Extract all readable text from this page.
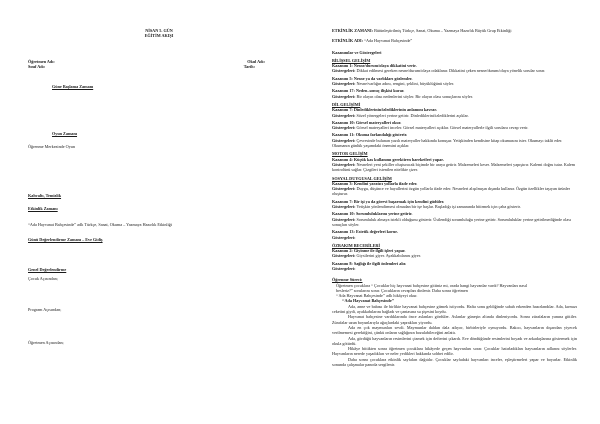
NİSAN 5. GÜN

EĞİTİM AKIŞI

Öğretmen Adı:	Okul Adı:
Sınıf Adı:	Tarih:

Güne Başlama Zamanı

Oyun Zamanı

Öğrenme Merkezinde Oyun

Kahvaltı, Temizlik

Etkinlik Zamanı

“Ada Hayvanat Bahçesinde” adlı Türkçe, Sanat, Okuma – Yazmaya Hazırlık Etkinliği

Günü Değerlendirme Zamanı – Eve Gidiş

Genel Değerlendirme

Çocuk Açısından;

Program Açısından;

Öğretmen Açısından;

ETKİNLİK ZAMANI: Bütünleştirilmiş Türkçe, Sanat, Okuma – Yazmaya Hazırlık Büyük Grup Etkinliği

ETKİNLİK ADI: “Ada Hayvanat Bahçesinde”

Kazanımlar ve Göstergeleri

BİLİŞSEL GELİŞİM

Kazanım 1: Nesne/durum/olaya dikkatini verir.

Göstergeleri: Dikkat edilmesi gereken nesne/durum/olaya odaklanır. Dikkatini çeken nesne/durum/olaya yönelik sorular sorar.

Kazanım 5: Nesne ya da varlıkları gözlemler.

Göstergeleri: Nesne/varlığın adını, rengini, şeklini, büyüklüğünü söyler.

Kazanım 17: Neden–sonuç ilişkisi kurar.

Göstergeleri: Bir olayın olası nedenlerini söyler. Bir olayın olası sonuçlarını söyler.

DİL GELİŞİMİ

Kazanım 7: Dinlediklerinin/izlediklerinin anlamını kavrar.

Göstergeleri: Sözel yönergeleri yerine getirir. Dinlediklerini/izlediklerini açıklar.

Kazanım 10: Görsel materyalleri okur.

Göstergeleri: Görsel materyalleri inceler. Görsel materyalleri açıklar. Görsel materyallerle ilgili sorulara cevap verir.

Kazanım 11: Okuma farkındalığı gösterir.

Göstergeleri: Çevresinde bulunan yazılı materyaller hakkında konuşur. Yetişkinden kendisine kitap okumasını ister. Okumayı taklit eder. Okumanın günlük yaşamdaki önemini açıklar.

MOTOR GELİŞİM

Kazanım 4: Küçük kas kullanımı gerektiren hareketleri yapar.

Göstergeleri: Nesneleri yeni şekiller oluşturacak biçimde bir araya getirir. Malzemeleri keser. Malzemeleri yapıştırır. Kalemi doğru tutar. Kalem kontrolünü sağlar. Çizgileri istenilen nitelikte çizer.

SOSYAL DUYGUSAL GELİŞİM

Kazanım 3: Kendini yaratıcı yollarla ifade eder.

Göstergeleri: Duygu, düşünce ve hayallerini özgün yollarla ifade eder. Nesneleri alışılmışın dışında kullanır. Özgün özellikler taşıyan ürünler oluşturur.

Kazanım 7: Bir işi ya da görevi başarmak için kendini güdüler.

Göstergeleri: Yetişkin yönlendirmesi olmadan bir işe başlar. Başladığı işi zamanında bitirmek için çaba gösterir.

Kazanım 10: Sorumluluklarını yerine getirir.

Göstergeleri: Sorumluluk almaya istekli olduğunu gösterir. Üstlendiği sorumluluğu yerine getirir. Sorumluluklar yerine getirilmediğinde olası sonuçları söyler.

Kazanım 13: Estetik değerleri korur.

Göstergeleri:

ÖZBAKIM BECERİLERİ

Kazanım 2: Giyinme ile ilgili işleri yapar.

Göstergeleri: Giysilerini giyer. Ayakkabılarını giyer.

Kazanım 8: Sağlığı ile ilgili önlemleri alır.

Göstergeleri:

Öğrenme Süreci:

Öğretmen çocuklara “ Çocuklar hiç hayvanat bahçesine gittiniz mi, orada hangi hayvanlar vardı? Hayvanları nasıl

besleriz?” sorularını sorar. Çocukların cevapları dinlenir. Daha sonra öğretmen

‘‘Ada Hayvanat Bahçesinde’’ adlı hikâyeyi okur.

‘‘Ada Hayvanat Bahçesinde’’

Ada, anne ve babası ile birlikte hayvanat bahçesine gitmek istiyordu. Hafta sonu geldiğinde sabah erkenden hazırlandılar. Ada, kırmızı ceketini giydi, ayakkabılarını bağladı ve çantasına su şişesini koydu.

Hayvanat bahçesine vardıklarında önce aslanları gördüler. Aslanlar güneşin altında dinleniyordu. Sonra zürafaların yanına gittiler. Zürafalar uzun boyunlarıyla ağaçlardaki yaprakları yiyordu.

Ada en çok maymunları sevdi. Maymunlar daldan dala atlıyor, birbirleriyle oynuyordu. Bakıcı, hayvanların dışarıdan yiyecek verilmemesi gerektiğini, çünkü onların sağlığının bozulabileceğini anlattı.

Ada, gördüğü hayvanların resimlerini çizmek için defterini çıkardı. Eve döndüğünde resimlerini boyadı ve arkadaşlarına göstermek için okula götürdü.

Hikâye bittikten sonra öğretmen çocuklara hikâyede geçen hayvanları sorar. Çocuklar hatırladıkları hayvanların adlarını söylerler. Hayvanların nerede yaşadıkları ve neler yedikleri hakkında sohbet edilir.

Daha sonra çocuklara etkinlik sayfaları dağıtılır. Çocuklar sayfadaki hayvanları inceler, eşleştirmeleri yapar ve boyarlar. Etkinlik sonunda çalışmalar panoda sergilenir.
